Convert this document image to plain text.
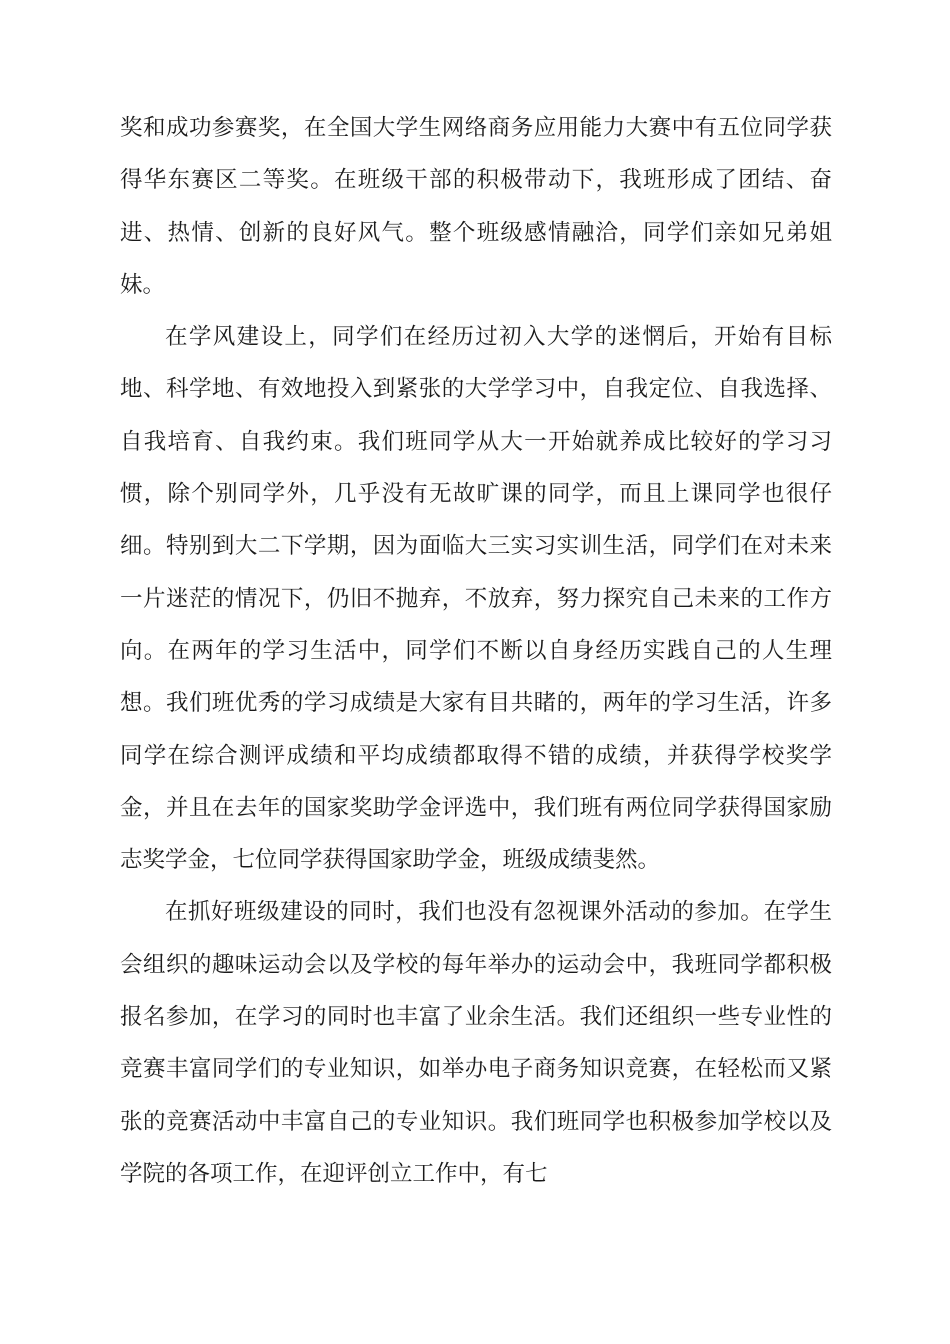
奖和成功参赛奖，在全国大学生网络商务应用能力大赛中有五位同学获得华东赛区二等奖。在班级干部的积极带动下，我班形成了团结、奋进、热情、创新的良好风气。整个班级感情融洽，同学们亲如兄弟姐妹。

在学风建设上，同学们在经历过初入大学的迷惘后，开始有目标地、科学地、有效地投入到紧张的大学学习中，自我定位、自我选择、自我培育、自我约束。我们班同学从大一开始就养成比较好的学习习惯，除个别同学外，几乎没有无故旷课的同学，而且上课同学也很仔细。特别到大二下学期，因为面临大三实习实训生活，同学们在对未来一片迷茫的情况下，仍旧不抛弃，不放弃，努力探究自己未来的工作方向。在两年的学习生活中，同学们不断以自身经历实践自己的人生理想。我们班优秀的学习成绩是大家有目共睹的，两年的学习生活，许多同学在综合测评成绩和平均成绩都取得不错的成绩，并获得学校奖学金，并且在去年的国家奖助学金评选中，我们班有两位同学获得国家励志奖学金，七位同学获得国家助学金，班级成绩斐然。

在抓好班级建设的同时，我们也没有忽视课外活动的参加。在学生会组织的趣味运动会以及学校的每年举办的运动会中，我班同学都积极报名参加，在学习的同时也丰富了业余生活。我们还组织一些专业性的竞赛丰富同学们的专业知识，如举办电子商务知识竞赛，在轻松而又紧张的竞赛活动中丰富自己的专业知识。我们班同学也积极参加学校以及学院的各项工作，在迎评创立工作中，有七
